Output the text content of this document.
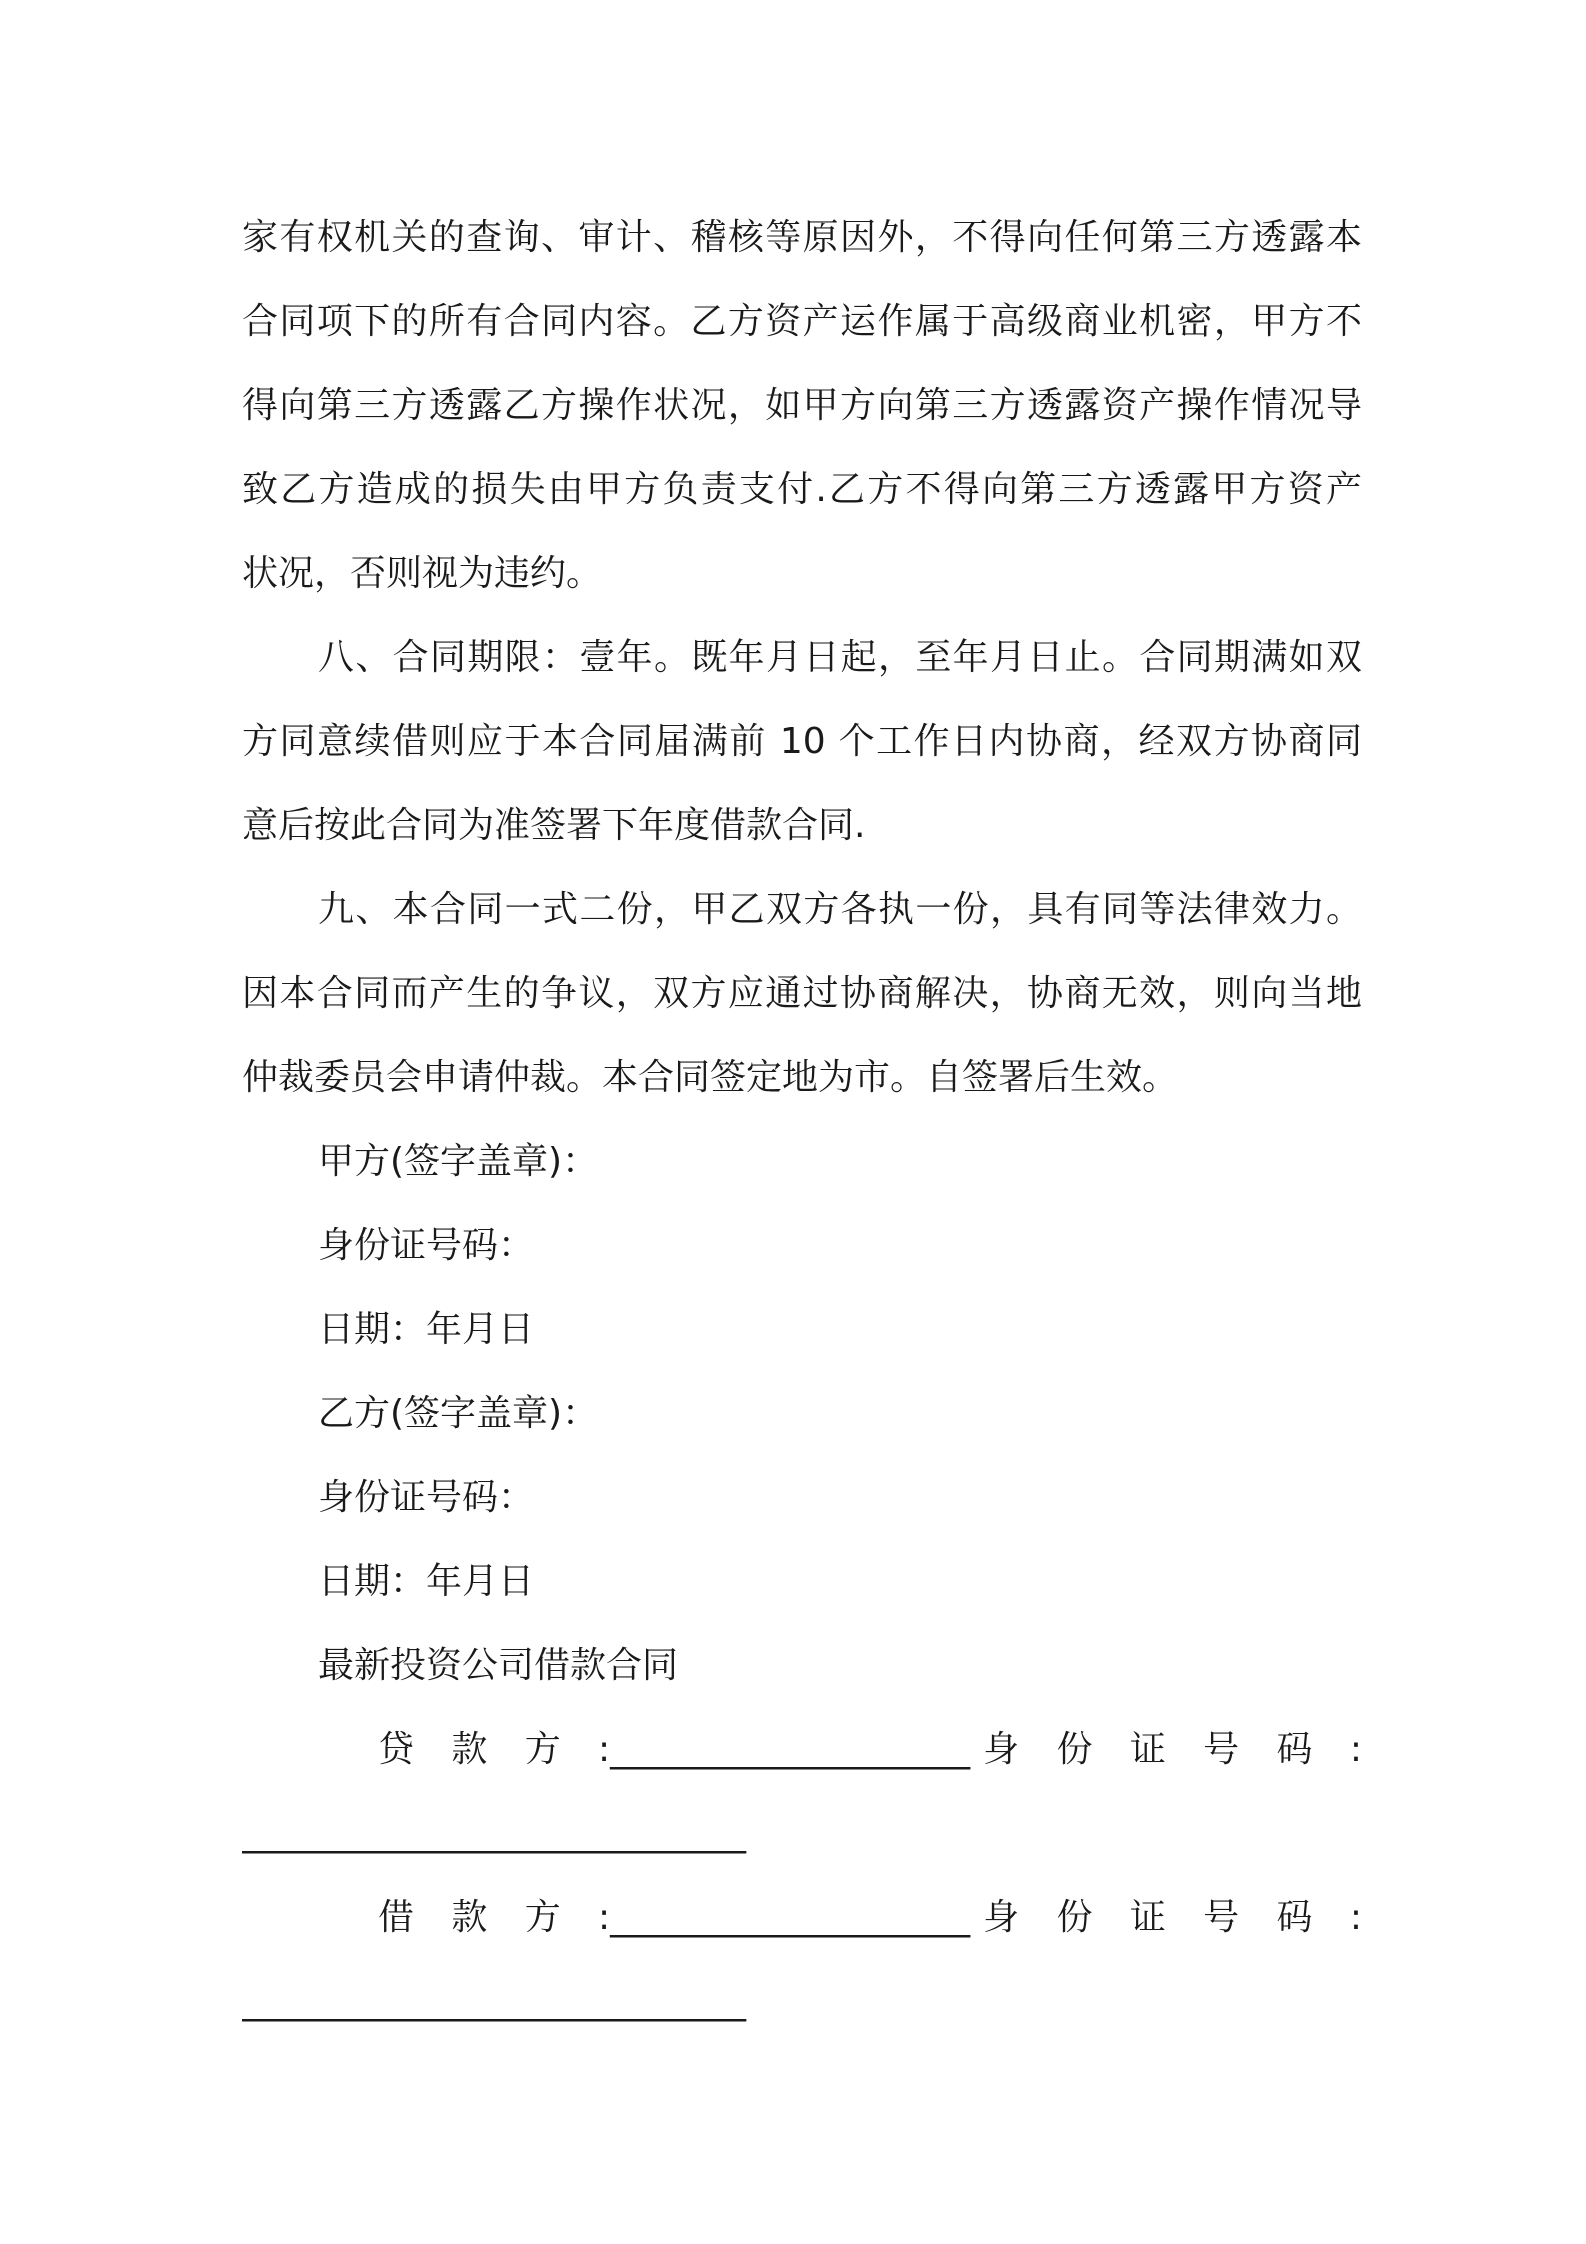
家有权机关的查询、审计、稽核等原因外，不得向任何第三方透露本

合同项下的所有合同内容。乙方资产运作属于高级商业机密，甲方不

得向第三方透露乙方操作状况，如甲方向第三方透露资产操作情况导

致乙方造成的损失由甲方负责支付.乙方不得向第三方透露甲方资产

状况，否则视为违约。

八、合同期限：壹年。既年月日起，至年月日止。合同期满如双

方同意续借则应于本合同届满前 10 个工作日内协商，经双方协商同

意后按此合同为准签署下年度借款合同.

九、本合同一式二份，甲乙双方各执一份，具有同等法律效力。

因本合同而产生的争议，双方应通过协商解决，协商无效，则向当地

仲裁委员会申请仲裁。本合同签定地为市。自签署后生效。

甲方(签字盖章)：

身份证号码：

日期：年月日

乙方(签字盖章)：

身份证号码：

日期：年月日

最新投资公司借款合同

贷 款 方 :____________________身 份 证 号 码 :

____________________________

借 款 方 :____________________身 份 证 号 码 :

____________________________
